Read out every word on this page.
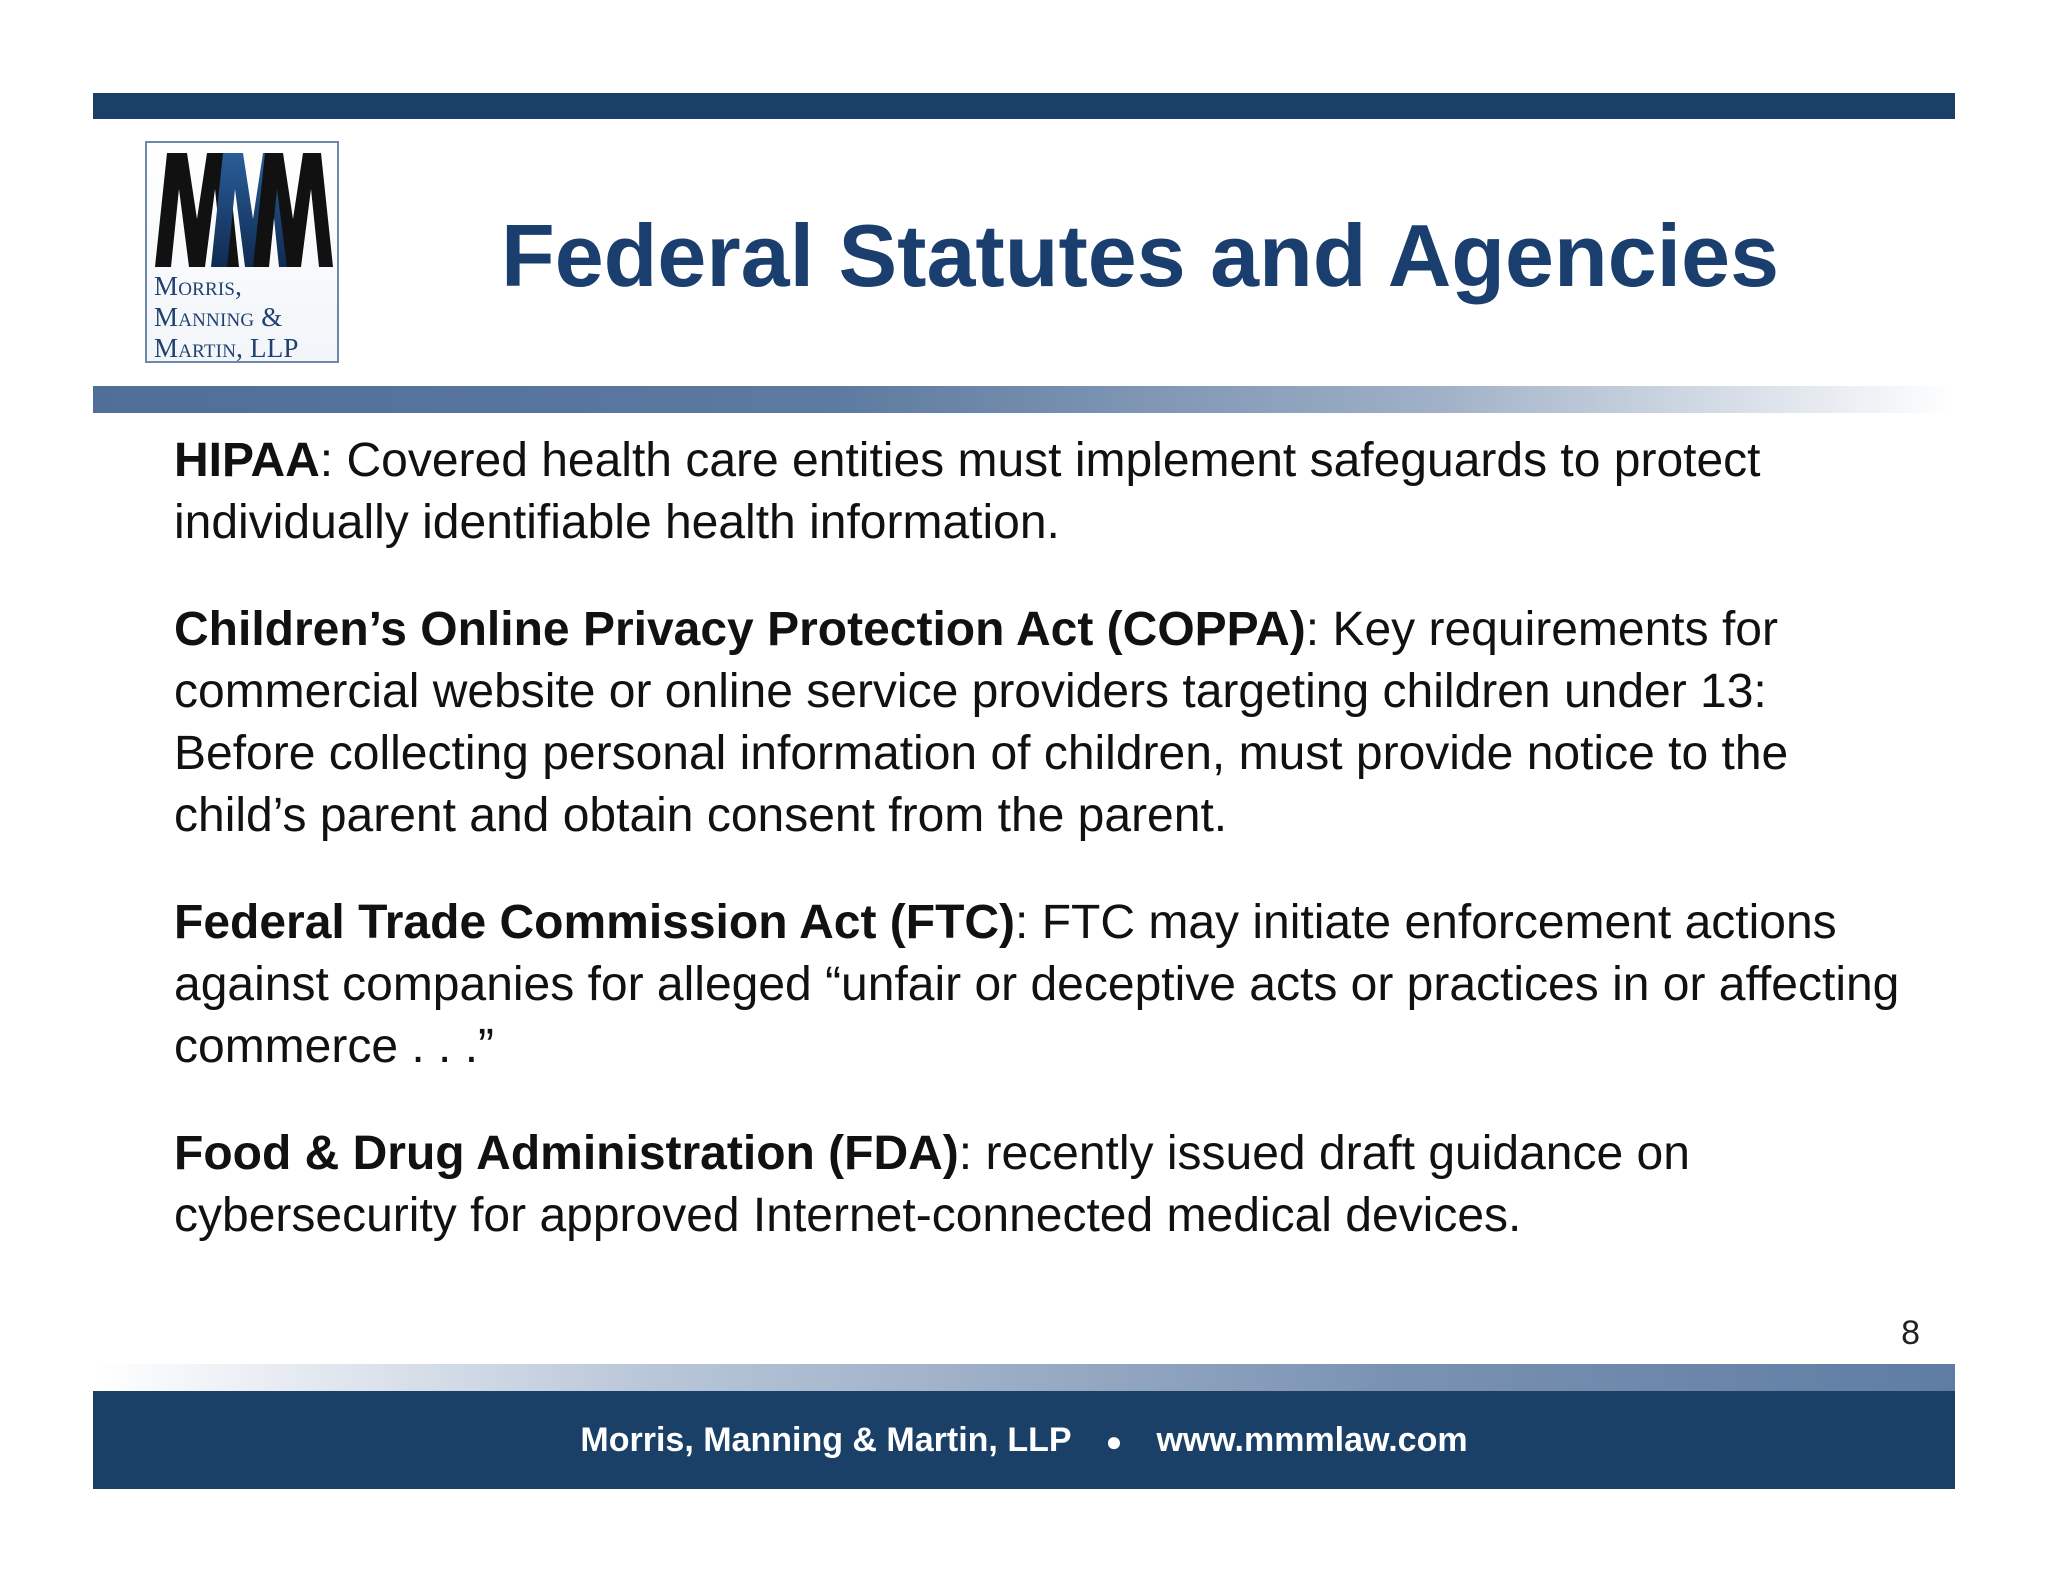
Morris,
Manning &
Martin, LLP
Federal Statutes and Agencies

HIPAA: Covered health care entities must implement safeguards to protect individually identifiable health information.

Children’s Online Privacy Protection Act (COPPA): Key requirements for commercial website or online service providers targeting children under 13: Before collecting personal information of children, must provide notice to the child’s parent and obtain consent from the parent.

Federal Trade Commission Act (FTC): FTC may initiate enforcement actions against companies for alleged “unfair or deceptive acts or practices in or affecting commerce . . .”

Food & Drug Administration (FDA): recently issued draft guidance on cybersecurity for approved Internet-connected medical devices.

8
Morris, Manning & Martin, LLP ● www.mmmlaw.com
